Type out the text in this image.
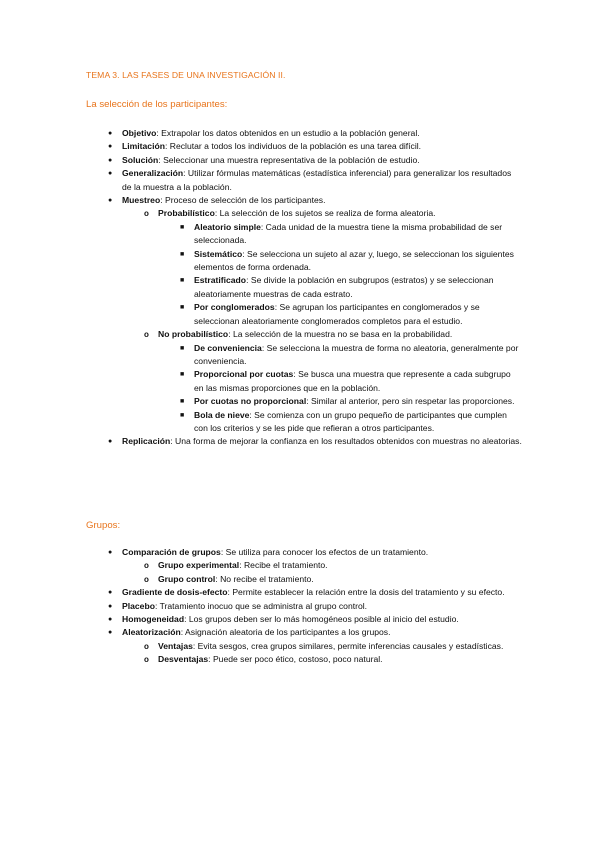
TEMA 3. LAS FASES DE UNA INVESTIGACIÓN II.
La selección de los participantes:
● Objetivo: Extrapolar los datos obtenidos en un estudio a la población general.
● Limitación: Reclutar a todos los individuos de la población es una tarea difícil.
● Solución: Seleccionar una muestra representativa de la población de estudio.
● Generalización: Utilizar fórmulas matemáticas (estadística inferencial) para generalizar los resultados de la muestra a la población.
● Muestreo: Proceso de selección de los participantes.
o Probabilístico: La selección de los sujetos se realiza de forma aleatoria.
■ Aleatorio simple: Cada unidad de la muestra tiene la misma probabilidad de ser seleccionada.
■ Sistemático: Se selecciona un sujeto al azar y, luego, se seleccionan los siguientes elementos de forma ordenada.
■ Estratificado: Se divide la población en subgrupos (estratos) y se seleccionan aleatoriamente muestras de cada estrato.
■ Por conglomerados: Se agrupan los participantes en conglomerados y se seleccionan aleatoriamente conglomerados completos para el estudio.
o No probabilístico: La selección de la muestra no se basa en la probabilidad.
■ De conveniencia: Se selecciona la muestra de forma no aleatoria, generalmente por conveniencia.
■ Proporcional por cuotas: Se busca una muestra que represente a cada subgrupo en las mismas proporciones que en la población.
■ Por cuotas no proporcional: Similar al anterior, pero sin respetar las proporciones.
■ Bola de nieve: Se comienza con un grupo pequeño de participantes que cumplen con los criterios y se les pide que refieran a otros participantes.
● Replicación: Una forma de mejorar la confianza en los resultados obtenidos con muestras no aleatorias.
Grupos:
● Comparación de grupos: Se utiliza para conocer los efectos de un tratamiento.
o Grupo experimental: Recibe el tratamiento.
o Grupo control: No recibe el tratamiento.
● Gradiente de dosis-efecto: Permite establecer la relación entre la dosis del tratamiento y su efecto.
● Placebo: Tratamiento inocuo que se administra al grupo control.
● Homogeneidad: Los grupos deben ser lo más homogéneos posible al inicio del estudio.
● Aleatorización: Asignación aleatoria de los participantes a los grupos.
o Ventajas: Evita sesgos, crea grupos similares, permite inferencias causales y estadísticas.
o Desventajas: Puede ser poco ético, costoso, poco natural.
